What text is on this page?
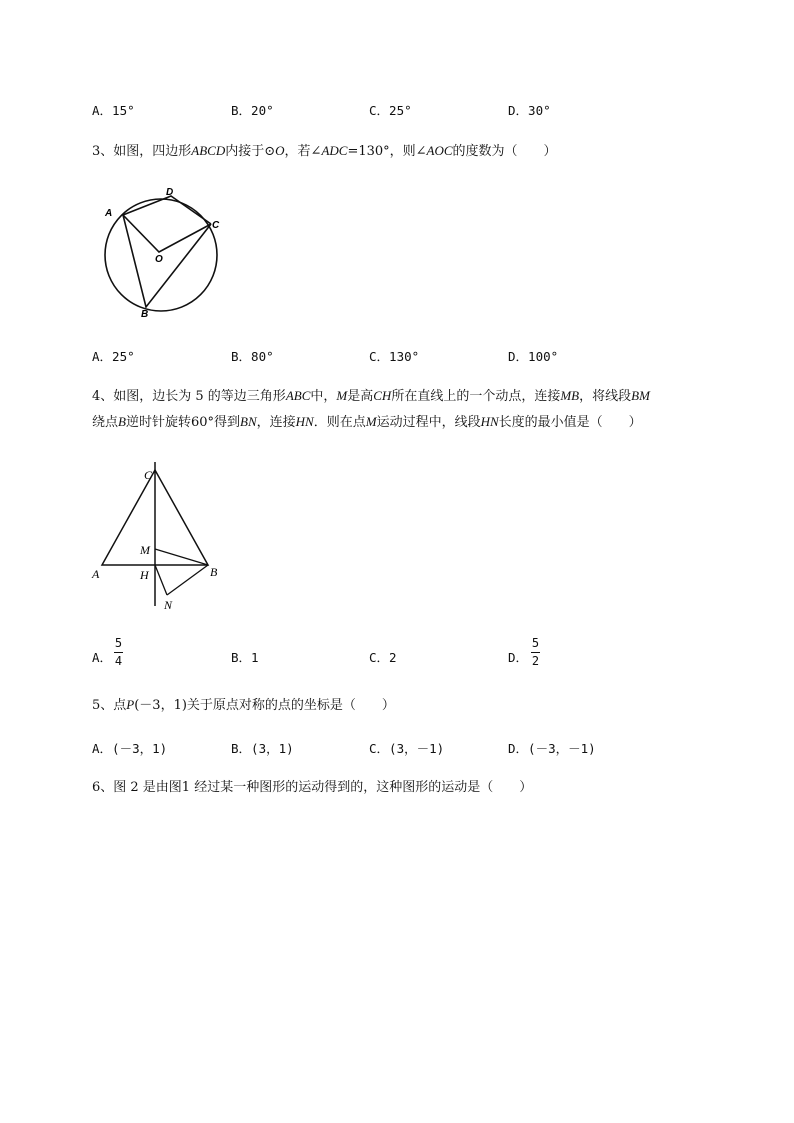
A．15°	B．20°	C．25°	D．30°
3、如图，四边形ABCD内接于⊙O，若∠ADC=130°，则∠AOC的度数为（　　）
A
D
C
O
B
A．25°	B．80°	C．130°	D．100°
4、如图，边长为 5 的等边三角形ABC中，M是高CH所在直线上的一个动点，连接MB，将线段BM
绕点B逆时针旋转60°得到BN，连接HN．则在点M运动过程中，线段HN长度的最小值是（　　）
C
M
A	H	B
N
A．
5
4	B．1	C．2	D．
5
2
5、点P(－3，1)关于原点对称的点的坐标是（　　）
A．(－3，1)	B．(3，1)	C．(3，－1)	D．(－3，－1)
6、图 2 是由图1 经过某一种图形的运动得到的，这种图形的运动是（　　）
